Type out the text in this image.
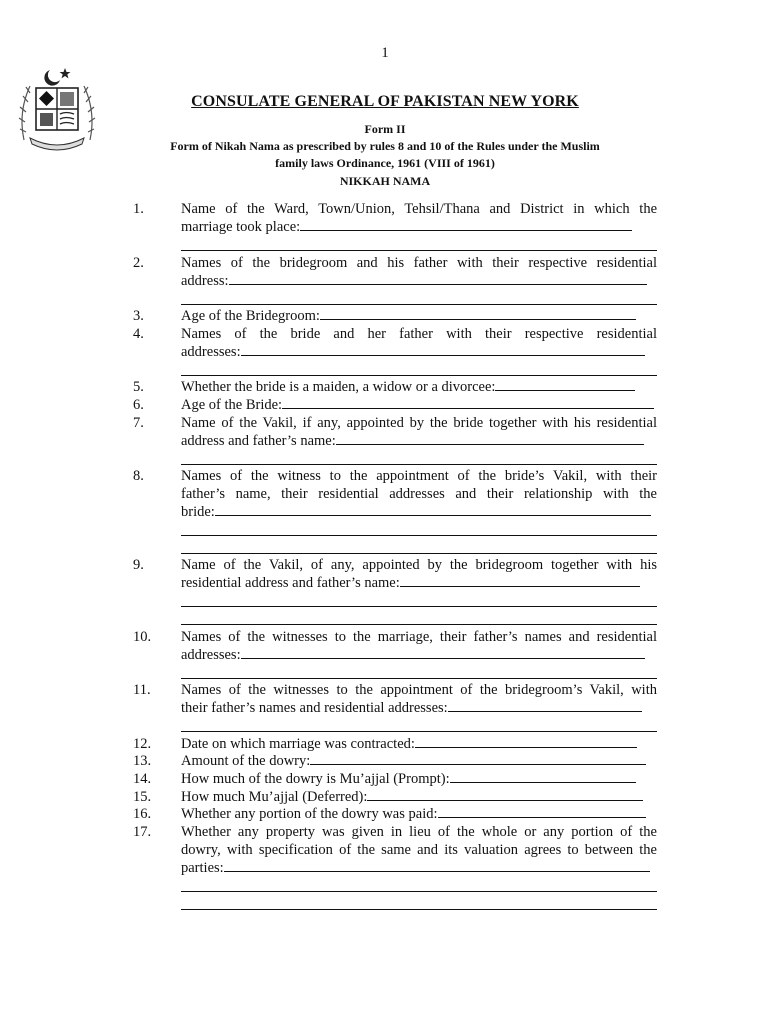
1
CONSULATE GENERAL OF PAKISTAN NEW YORK
Form II
Form of Nikah Nama as prescribed by rules 8 and 10 of the Rules under the Muslim
family laws Ordinance, 1961 (VIII of 1961)
NIKKAH NAMA
1.	Name of the Ward, Town/Union, Tehsil/Thana and District in which the
marriage took place:
2.	Names of the bridegroom and his father with their respective residential
address:
3.	Age of the Bridegroom:
4.	Names of the bride and her father with their respective residential
addresses:
5.	Whether the bride is a maiden, a widow or a divorcee:
6.	Age of the Bride:
7.	Name of the Vakil, if any, appointed by the bride together with his residential
address and father’s name:
8.	Names of the witness to the appointment of the bride’s Vakil, with their
father’s name, their residential addresses and their relationship with the
bride:
9.	Name of the Vakil, of any, appointed by the bridegroom together with his
residential address and father’s name:
10. Names of the witnesses to the marriage, their father’s names and residential
addresses:
11. Names of the witnesses to the appointment of the bridegroom’s Vakil, with
their father’s names and residential addresses:
12. Date on which marriage was contracted:
13. Amount of the dowry:
14. How much of the dowry is Mu’ajjal (Prompt):
15. How much Mu’ajjal (Deferred):
16. Whether any portion of the dowry was paid:
17. Whether any property was given in lieu of the whole or any portion of the
dowry, with specification of the same and its valuation agrees to between the
parties:
